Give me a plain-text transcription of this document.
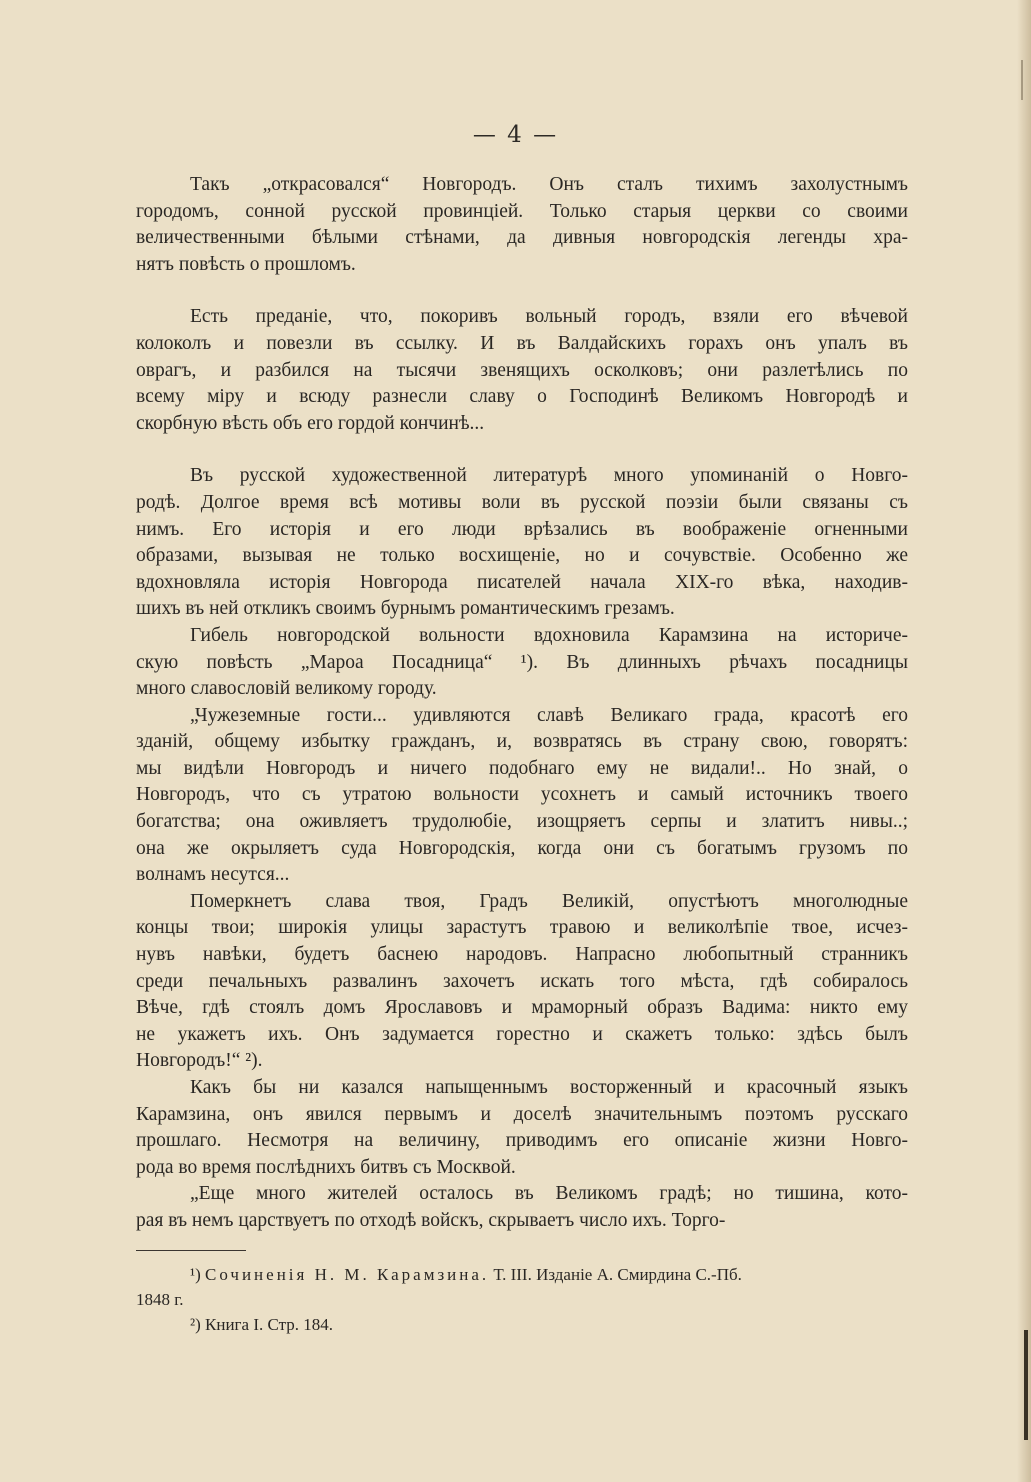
— 4 —

Такъ „открасовался“ Новгородъ. Онъ сталъ тихимъ захолустнымъ
городомъ, сонной русской провинціей. Только старыя церкви со своими
величественными бѣлыми стѣнами, да дивныя новгородскія легенды хра-
нятъ повѣсть о прошломъ.

Есть преданіе, что, покоривъ вольный городъ, взяли его вѣчевой
колоколъ и повезли въ ссылку. И въ Валдайскихъ горахъ онъ упалъ въ
оврагъ, и разбился на тысячи звенящихъ осколковъ; они разлетѣлись по
всему міру и всюду разнесли славу о Господинѣ Великомъ Новгородѣ и
скорбную вѣсть объ его гордой кончинѣ...

Въ русской художественной литературѣ много упоминаній о Новго-
родѣ. Долгое время всѣ мотивы воли въ русской поэзіи были связаны съ
нимъ. Его исторія и его люди врѣзались въ воображеніе огненными
образами, вызывая не только восхищеніе, но и сочувствіе. Особенно же
вдохновляла исторія Новгорода писателей начала XIX-го вѣка, находив-
шихъ въ ней откликъ своимъ бурнымъ романтическимъ грезамъ.

Гибель новгородской вольности вдохновила Карамзина на историче-
скую повѣсть „Мароа Посадница“ ¹). Въ длинныхъ рѣчахъ посадницы
много славословій великому городу.

„Чужеземные гости... удивляются славѣ Великаго града, красотѣ его
зданій, общему избытку гражданъ, и, возвратясь въ страну свою, говорятъ:
мы видѣли Новгородъ и ничего подобнаго ему не видали!.. Но знай, о
Новгородъ, что съ утратою вольности усохнетъ и самый источникъ твоего
богатства; она оживляетъ трудолюбіе, изощряетъ серпы и златитъ нивы..;
она же окрыляетъ суда Новгородскія, когда они съ богатымъ грузомъ по
волнамъ несутся...

Померкнетъ слава твоя, Градъ Великій, опустѣютъ многолюдные
концы твои; широкія улицы зарастутъ травою и великолѣпіе твое, исчез-
нувъ навѣки, будетъ баснею народовъ. Напрасно любопытный странникъ
среди печальныхъ развалинъ захочетъ искать того мѣста, гдѣ собиралось
Вѣче, гдѣ стоялъ домъ Ярославовъ и мраморный образъ Вадима: никто ему
не укажетъ ихъ. Онъ задумается горестно и скажетъ только: здѣсь былъ
Новгородъ!“ ²).

Какъ бы ни казался напыщеннымъ восторженный и красочный языкъ
Карамзина, онъ явился первымъ и доселѣ значительнымъ поэтомъ русскаго
прошлаго. Несмотря на величину, приводимъ его описаніе жизни Новго-
рода во время послѣднихъ битвъ съ Москвой.

„Еще много жителей осталось въ Великомъ градѣ; но тишина, кото-
рая въ немъ царствуетъ по отходѣ войскъ, скрываетъ число ихъ. Торго-

¹) Сочиненія Н. М. Карамзина. Т. III. Изданіе А. Смирдина С.-Пб.

1848 г.

²) Книга I. Стр. 184.
